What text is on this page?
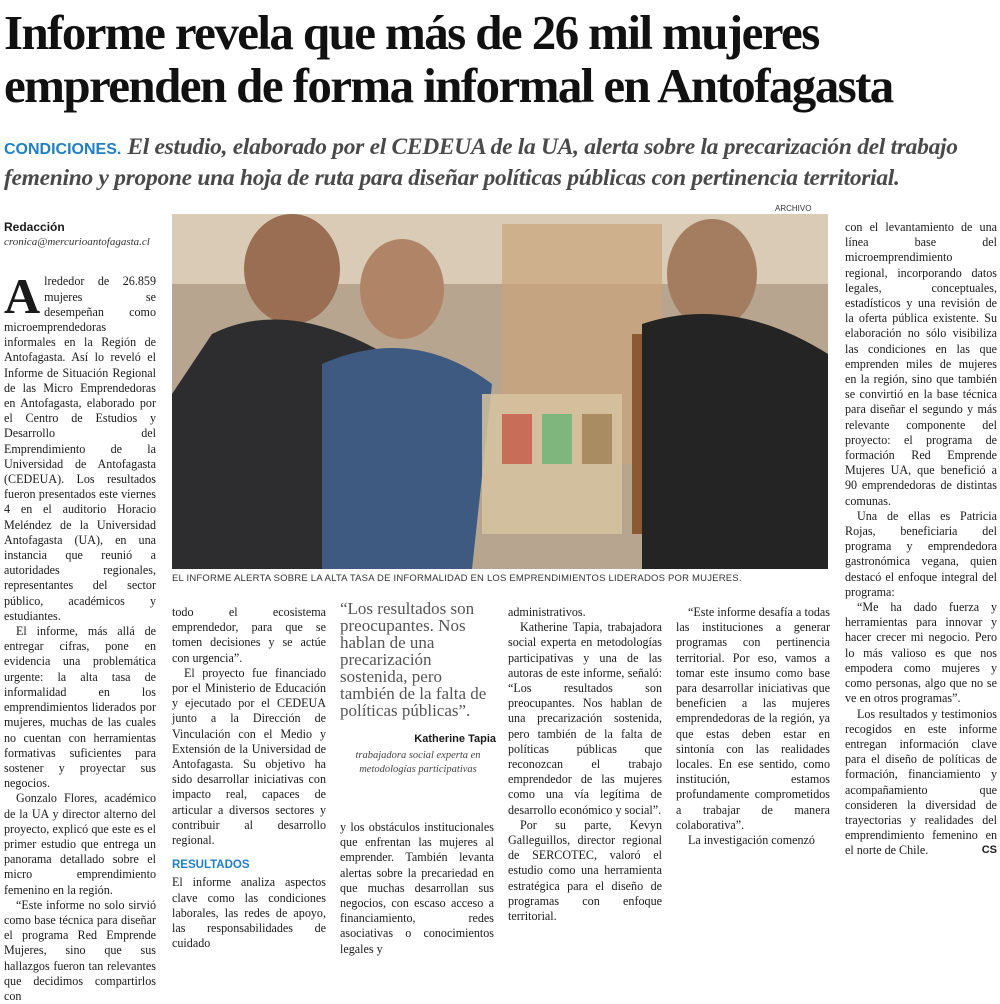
Informe revela que más de 26 mil mujeres
emprenden de forma informal en Antofagasta
CONDICIONES. El estudio, elaborado por el CEDEUA de la UA, alerta sobre la precarización del trabajo femenino y propone una hoja de ruta para diseñar políticas públicas con pertinencia territorial.
Redacción
cronica@mercurioantofagasta.cl

Alrededor de 26.859 mujeres se desempeñan como microemprendedoras informales en la Región de Antofagasta. Así lo reveló el Informe de Situación Regional de las Micro Emprendedoras en Antofagasta, elaborado por el Centro de Estudios y Desarrollo del Emprendimiento de la Universidad de Antofagasta (CEDEUA). Los resultados fueron presentados este viernes 4 en el auditorio Horacio Meléndez de la Universidad Antofagasta (UA), en una instancia que reunió a autoridades regionales, representantes del sector público, académicos y estudiantes.

El informe, más allá de entregar cifras, pone en evidencia una problemática urgente: la alta tasa de informalidad en los emprendimientos liderados por mujeres, muchas de las cuales no cuentan con herramientas formativas suficientes para sostener y proyectar sus negocios.

Gonzalo Flores, académico de la UA y director alterno del proyecto, explicó que este es el primer estudio que entrega un panorama detallado sobre el micro emprendimiento femenino en la región.

“Este informe no solo sirvió como base técnica para diseñar el programa Red Emprende Mujeres, sino que sus hallazgos fueron tan relevantes que decidimos compartirlos con

ARCHIVO
EL INFORME ALERTA SOBRE LA ALTA TASA DE INFORMALIDAD EN LOS EMPRENDIMIENTOS LIDERADOS POR MUJERES.

todo el ecosistema emprendedor, para que se tomen decisiones y se actúe con urgencia”.

El proyecto fue financiado por el Ministerio de Educación y ejecutado por el CEDEUA junto a la Dirección de Vinculación con el Medio y Extensión de la Universidad de Antofagasta. Su objetivo ha sido desarrollar iniciativas con impacto real, capaces de articular a diversos sectores y contribuir al desarrollo regional.

RESULTADOS

El informe analiza aspectos clave como las condiciones laborales, las redes de apoyo, las responsabilidades de cuidado

“Los resultados son preocupantes. Nos hablan de una precarización sostenida, pero también de la falta de políticas públicas”.
Katherine Tapia
trabajadora social experta en metodologías participativas

y los obstáculos institucionales que enfrentan las mujeres al emprender. También levanta alertas sobre la precariedad en que muchas desarrollan sus negocios, con escaso acceso a financiamiento, redes asociativas o conocimientos legales y

administrativos.

Katherine Tapia, trabajadora social experta en metodologías participativas y una de las autoras de este informe, señaló: “Los resultados son preocupantes. Nos hablan de una precarización sostenida, pero también de la falta de políticas públicas que reconozcan el trabajo emprendedor de las mujeres como una vía legítima de desarrollo económico y social”.

Por su parte, Kevyn Galleguillos, director regional de SERCOTEC, valoró el estudio como una herramienta estratégica para el diseño de programas con enfoque territorial.

“Este informe desafía a todas las instituciones a generar programas con pertinencia territorial. Por eso, vamos a tomar este insumo como base para desarrollar iniciativas que beneficien a las mujeres emprendedoras de la región, ya que estas deben estar en sintonía con las realidades locales. En ese sentido, como institución, estamos profundamente comprometidos a trabajar de manera colaborativa”.

La investigación comenzó

con el levantamiento de una línea base del microemprendimiento regional, incorporando datos legales, conceptuales, estadísticos y una revisión de la oferta pública existente. Su elaboración no sólo visibiliza las condiciones en las que emprenden miles de mujeres en la región, sino que también se convirtió en la base técnica para diseñar el segundo y más relevante componente del proyecto: el programa de formación Red Emprende Mujeres UA, que benefició a 90 emprendedoras de distintas comunas.

Una de ellas es Patricia Rojas, beneficiaria del programa y emprendedora gastronómica vegana, quien destacó el enfoque integral del programa:

“Me ha dado fuerza y herramientas para innovar y hacer crecer mi negocio. Pero lo más valioso es que nos empodera como mujeres y como personas, algo que no se ve en otros programas”.

Los resultados y testimonios recogidos en este informe entregan información clave para el diseño de políticas de formación, financiamiento y acompañamiento que consideren la diversidad de trayectorias y realidades del emprendimiento femenino en el norte de Chile.	CS
